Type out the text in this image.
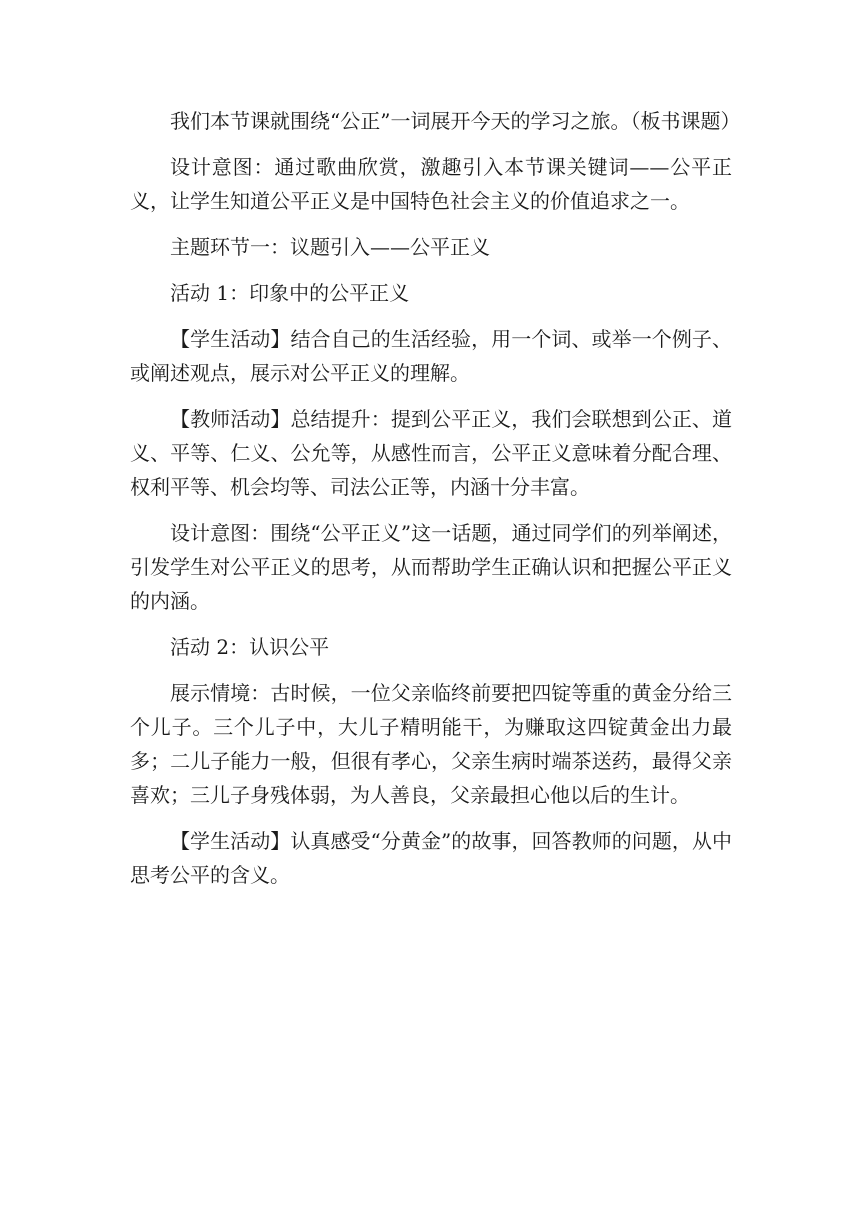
我们本节课就围绕“公正”一词展开今天的学习之旅。（板书课题）

设计意图：通过歌曲欣赏，激趣引入本节课关键词——公平正义，让学生知道公平正义是中国特色社会主义的价值追求之一。

主题环节一：议题引入——公平正义

活动 1：印象中的公平正义

【学生活动】结合自己的生活经验，用一个词、或举一个例子、或阐述观点，展示对公平正义的理解。

【教师活动】总结提升：提到公平正义，我们会联想到公正、道义、平等、仁义、公允等，从感性而言，公平正义意味着分配合理、权利平等、机会均等、司法公正等，内涵十分丰富。

设计意图：围绕“公平正义”这一话题，通过同学们的列举阐述，引发学生对公平正义的思考，从而帮助学生正确认识和把握公平正义的内涵。

活动 2：认识公平

展示情境：古时候，一位父亲临终前要把四锭等重的黄金分给三个儿子。三个儿子中，大儿子精明能干，为赚取这四锭黄金出力最多；二儿子能力一般，但很有孝心，父亲生病时端茶送药，最得父亲喜欢；三儿子身残体弱，为人善良，父亲最担心他以后的生计。

【学生活动】认真感受“分黄金”的故事，回答教师的问题，从中思考公平的含义。
